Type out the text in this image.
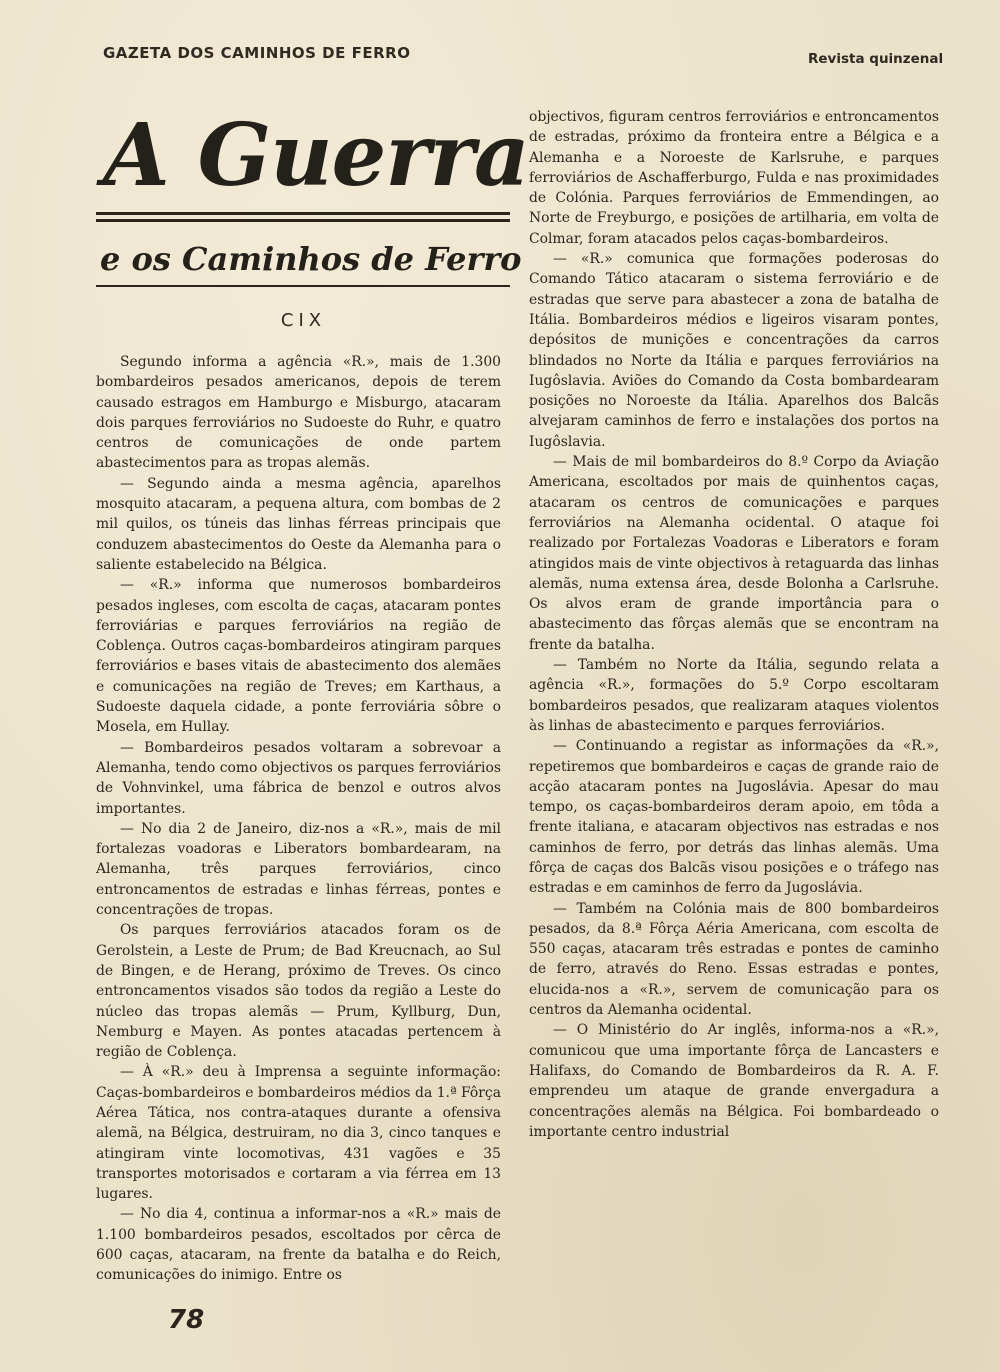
GAZETA DOS CAMINHOS DE FERRO	Revista quinzenal
A Guerra
e os Caminhos de Ferro
CIX

Segundo informa a agência «R.», mais de 1.300 bombardeiros pesados americanos, depois de terem causado estragos em Hamburgo e Misburgo, atacaram dois parques ferroviários no Sudoeste do Ruhr, e quatro centros de comunicações de onde partem abastecimentos para as tropas alemãs.

— Segundo ainda a mesma agência, aparelhos mosquito atacaram, a pequena altura, com bombas de 2 mil quilos, os túneis das linhas férreas principais que conduzem abastecimentos do Oeste da Alemanha para o saliente estabelecido na Bélgica.

— «R.» informa que numerosos bombardeiros pesados ingleses, com escolta de caças, atacaram pontes ferroviárias e parques ferroviários na região de Coblença. Outros caças-bombardeiros atingiram parques ferroviários e bases vitais de abastecimento dos alemães e comunicações na região de Treves; em Karthaus, a Sudoeste daquela cidade, a ponte ferroviária sôbre o Mosela, em Hullay.

— Bombardeiros pesados voltaram a sobrevoar a Alemanha, tendo como objectivos os parques ferroviários de Vohnvinkel, uma fábrica de benzol e outros alvos importantes.

— No dia 2 de Janeiro, diz-nos a «R.», mais de mil fortalezas voadoras e Liberators bombardearam, na Alemanha, três parques ferroviários, cinco entroncamentos de estradas e linhas férreas, pontes e concentrações de tropas.

Os parques ferroviários atacados foram os de Gerolstein, a Leste de Prum; de Bad Kreucnach, ao Sul de Bingen, e de Herang, próximo de Treves. Os cinco entroncamentos visados são todos da região a Leste do núcleo das tropas alemãs — Prum, Kyllburg, Dun, Nemburg e Mayen. As pontes atacadas pertencem à região de Coblença.

— À «R.» deu à Imprensa a seguinte informação: Caças-bombardeiros e bombardeiros médios da 1.ª Fôrça Aérea Tática, nos contra-ataques durante a ofensiva alemã, na Bélgica, destruiram, no dia 3, cinco tanques e atingiram vinte locomotivas, 431 vagões e 35 transportes motorisados e cortaram a via férrea em 13 lugares.

— No dia 4, continua a informar-nos a «R.» mais de 1.100 bombardeiros pesados, escoltados por cêrca de 600 caças, atacaram, na frente da batalha e do Reich, comunicações do inimigo. Entre os

objectivos, figuram centros ferroviários e entroncamentos de estradas, próximo da fronteira entre a Bélgica e a Alemanha e a Noroeste de Karlsruhe, e parques ferroviários de Aschafferburgo, Fulda e nas proximidades de Colónia. Parques ferroviários de Emmendingen, ao Norte de Freyburgo, e posições de artilharia, em volta de Colmar, foram atacados pelos caças-bombardeiros.

— «R.» comunica que formações poderosas do Comando Tático atacaram o sistema ferroviário e de estradas que serve para abastecer a zona de batalha de Itália. Bombardeiros médios e ligeiros visaram pontes, depósitos de munições e concentrações da carros blindados no Norte da Itália e parques ferroviários na Iugôslavia. Aviões do Comando da Costa bombardearam posições no Noroeste da Itália. Aparelhos dos Balcãs alvejaram caminhos de ferro e instalações dos portos na Iugôslavia.

— Mais de mil bombardeiros do 8.º Corpo da Aviação Americana, escoltados por mais de quinhentos caças, atacaram os centros de comunicações e parques ferroviários na Alemanha ocidental. O ataque foi realizado por Fortalezas Voadoras e Liberators e foram atingidos mais de vinte objectivos à retaguarda das linhas alemãs, numa extensa área, desde Bolonha a Carlsruhe. Os alvos eram de grande importância para o abastecimento das fôrças alemãs que se encontram na frente da batalha.

— Também no Norte da Itália, segundo relata a agência «R.», formações do 5.º Corpo escoltaram bombardeiros pesados, que realizaram ataques violentos às linhas de abastecimento e parques ferroviários.

— Continuando a registar as informações da «R.», repetiremos que bombardeiros e caças de grande raio de acção atacaram pontes na Jugoslávia. Apesar do mau tempo, os caças-bombardeiros deram apoio, em tôda a frente italiana, e atacaram objectivos nas estradas e nos caminhos de ferro, por detrás das linhas alemãs. Uma fôrça de caças dos Balcãs visou posições e o tráfego nas estradas e em caminhos de ferro da Jugoslávia.

— Também na Colónia mais de 800 bombardeiros pesados, da 8.ª Fôrça Aéria Americana, com escolta de 550 caças, atacaram três estradas e pontes de caminho de ferro, através do Reno. Essas estradas e pontes, elucida-nos a «R.», servem de comunicação para os centros da Alemanha ocidental.

— O Ministério do Ar inglês, informa-nos a «R.», comunicou que uma importante fôrça de Lancasters e Halifaxs, do Comando de Bombardeiros da R. A. F. emprendeu um ataque de grande envergadura a concentrações alemãs na Bélgica. Foi bombardeado o importante centro industrial

78
